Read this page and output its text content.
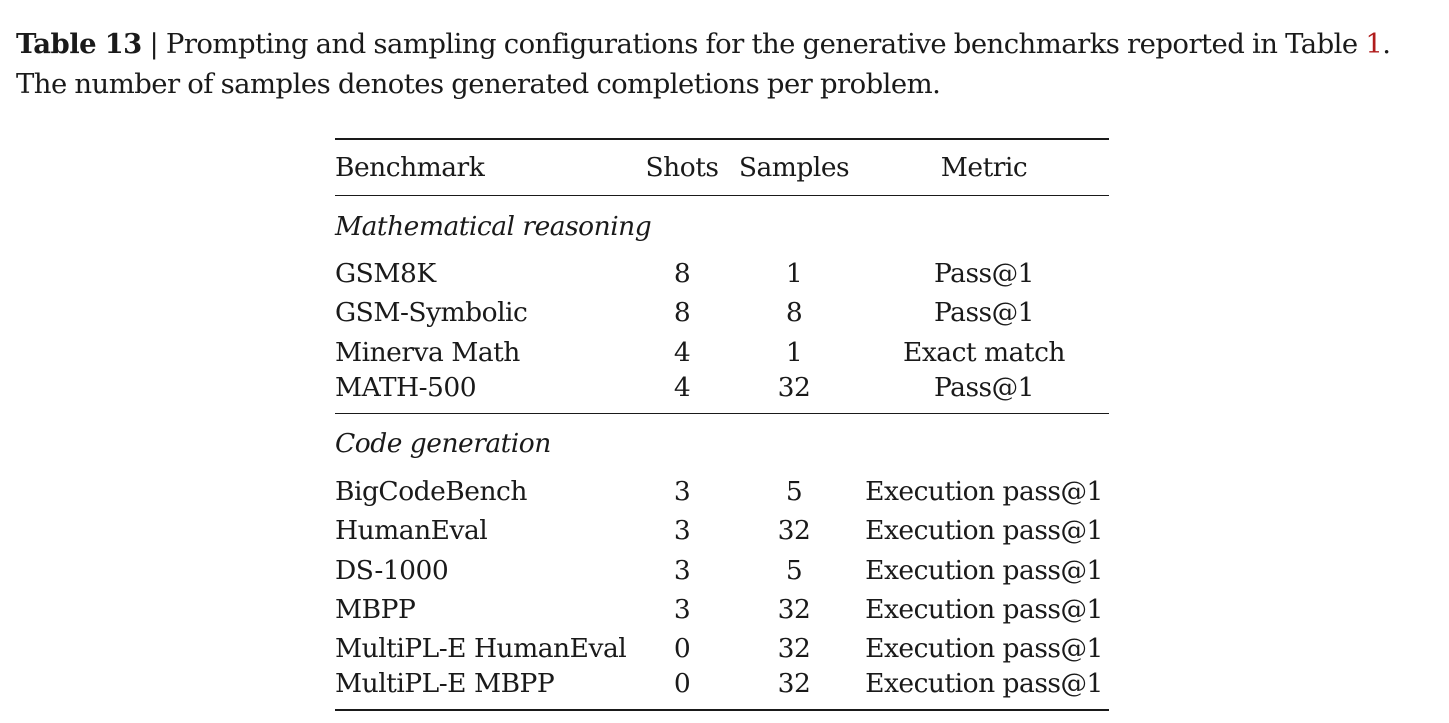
Table 13 | Prompting and sampling configurations for the generative benchmarks reported in Table 1. The number of samples denotes generated completions per problem.
Benchmark	Shots	Samples	Metric
Mathematical reasoning			
GSM8K	8	1	Pass@1
GSM-Symbolic	8	8	Pass@1
Minerva Math	4	1	Exact match
MATH-500	4	32	Pass@1
Code generation			
BigCodeBench	3	5	Execution pass@1
HumanEval	3	32	Execution pass@1
DS-1000	3	5	Execution pass@1
MBPP	3	32	Execution pass@1
MultiPL-E HumanEval	0	32	Execution pass@1
MultiPL-E MBPP	0	32	Execution pass@1
